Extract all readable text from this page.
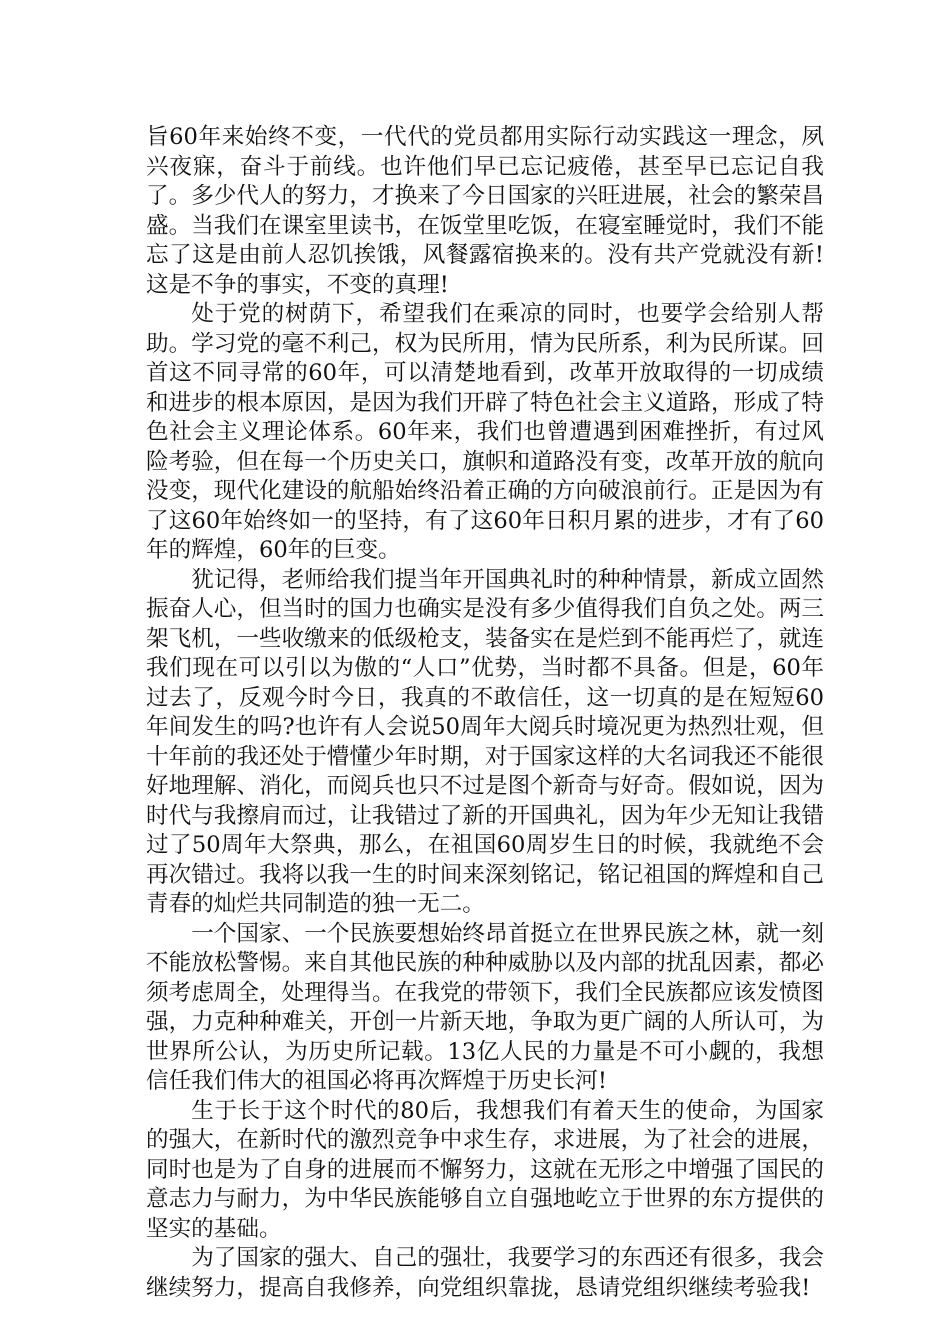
旨60年来始终不变，一代代的党员都用实际行动实践这一理念，夙兴夜寐，奋斗于前线。也许他们早已忘记疲倦，甚至早已忘记自我了。多少代人的努力，才换来了今日国家的兴旺进展，社会的繁荣昌盛。当我们在课室里读书，在饭堂里吃饭，在寝室睡觉时，我们不能忘了这是由前人忍饥挨饿，风餐露宿换来的。没有共产党就没有新!这是不争的事实，不变的真理!

处于党的树荫下，希望我们在乘凉的同时，也要学会给别人帮助。学习党的毫不利己，权为民所用，情为民所系，利为民所谋。回首这不同寻常的60年，可以清楚地看到，改革开放取得的一切成绩和进步的根本原因，是因为我们开辟了特色社会主义道路，形成了特色社会主义理论体系。60年来，我们也曾遭遇到困难挫折，有过风险考验，但在每一个历史关口，旗帜和道路没有变，改革开放的航向没变，现代化建设的航船始终沿着正确的方向破浪前行。正是因为有了这60年始终如一的坚持，有了这60年日积月累的进步，才有了60年的辉煌，60年的巨变。

犹记得，老师给我们提当年开国典礼时的种种情景，新成立固然振奋人心，但当时的国力也确实是没有多少值得我们自负之处。两三架飞机，一些收缴来的低级枪支，装备实在是烂到不能再烂了，就连我们现在可以引以为傲的“人口”优势，当时都不具备。但是，60年过去了，反观今时今日，我真的不敢信任，这一切真的是在短短60年间发生的吗?也许有人会说50周年大阅兵时境况更为热烈壮观，但十年前的我还处于懵懂少年时期，对于国家这样的大名词我还不能很好地理解、消化，而阅兵也只不过是图个新奇与好奇。假如说，因为时代与我擦肩而过，让我错过了新的开国典礼，因为年少无知让我错过了50周年大祭典，那么，在祖国60周岁生日的时候，我就绝不会再次错过。我将以我一生的时间来深刻铭记，铭记祖国的辉煌和自己青春的灿烂共同制造的独一无二。

一个国家、一个民族要想始终昂首挺立在世界民族之林，就一刻不能放松警惕。来自其他民族的种种威胁以及内部的扰乱因素，都必须考虑周全，处理得当。在我党的带领下，我们全民族都应该发愤图强，力克种种难关，开创一片新天地，争取为更广阔的人所认可，为世界所公认，为历史所记载。13亿人民的力量是不可小觑的，我想信任我们伟大的祖国必将再次辉煌于历史长河!

生于长于这个时代的80后，我想我们有着天生的使命，为国家的强大，在新时代的激烈竞争中求生存，求进展，为了社会的进展，同时也是为了自身的进展而不懈努力，这就在无形之中增强了国民的意志力与耐力，为中华民族能够自立自强地屹立于世界的东方提供的坚实的基础。

为了国家的强大、自己的强壮，我要学习的东西还有很多，我会继续努力，提高自我修养，向党组织靠拢，恳请党组织继续考验我!
